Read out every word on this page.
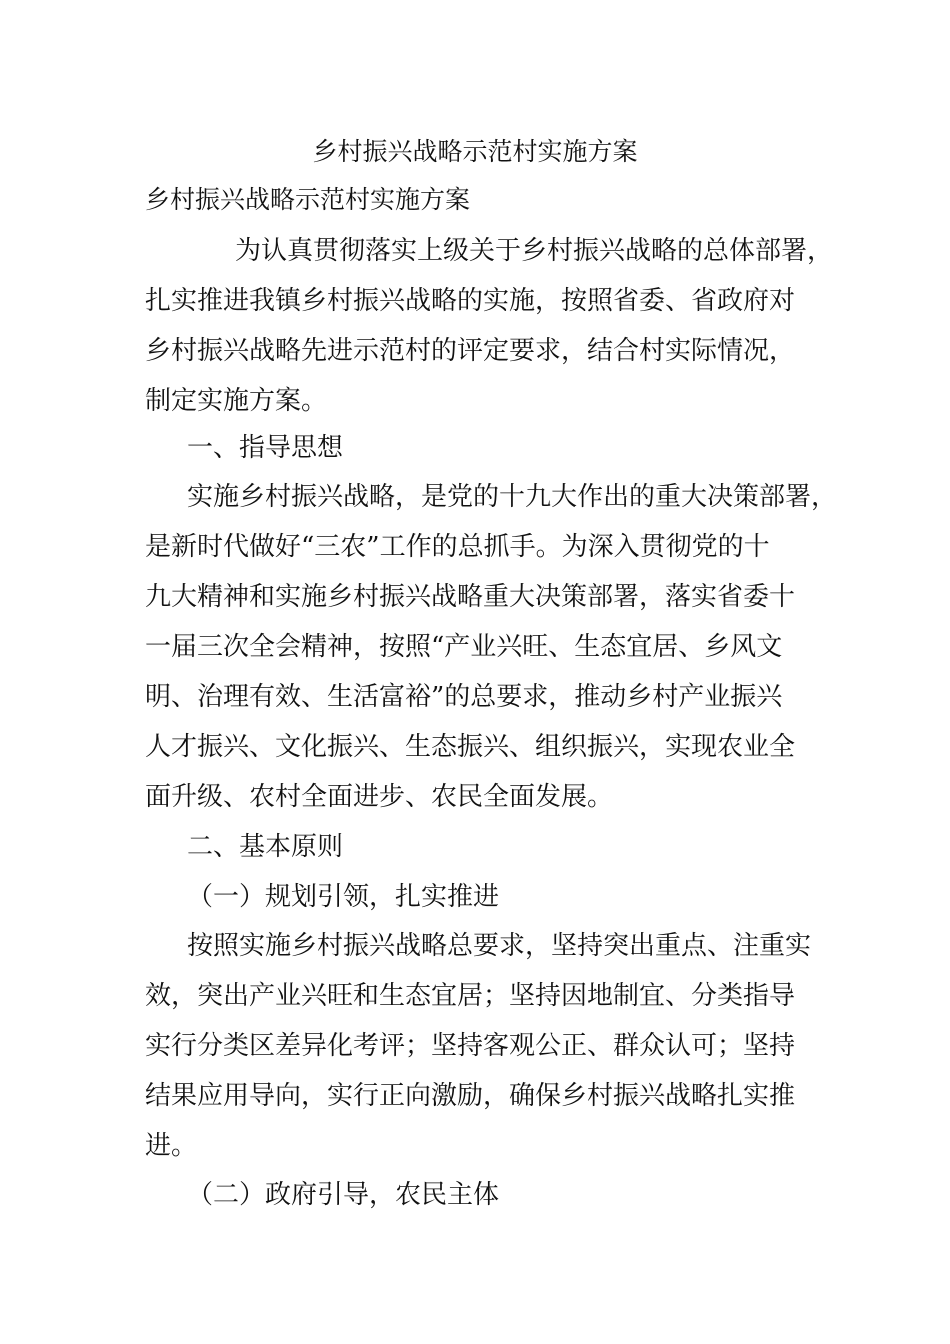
乡村振兴战略示范村实施方案
乡村振兴战略示范村实施方案
为认真贯彻落实上级关于乡村振兴战略的总体部署，
扎实推进我镇乡村振兴战略的实施，按照省委、省政府对
乡村振兴战略先进示范村的评定要求，结合村实际情况，
制定实施方案。
一、指导思想
实施乡村振兴战略，是党的十九大作出的重大决策部署，
是新时代做好“三农”工作的总抓手。为深入贯彻党的十
九大精神和实施乡村振兴战略重大决策部署，落实省委十
一届三次全会精神，按照“产业兴旺、生态宜居、乡风文
明、治理有效、生活富裕”的总要求，推动乡村产业振兴
人才振兴、文化振兴、生态振兴、组织振兴，实现农业全
面升级、农村全面进步、农民全面发展。
二、基本原则
（一）规划引领，扎实推进
按照实施乡村振兴战略总要求，坚持突出重点、注重实
效，突出产业兴旺和生态宜居；坚持因地制宜、分类指导
实行分类区差异化考评；坚持客观公正、群众认可；坚持
结果应用导向，实行正向激励，确保乡村振兴战略扎实推
进。
（二）政府引导，农民主体
